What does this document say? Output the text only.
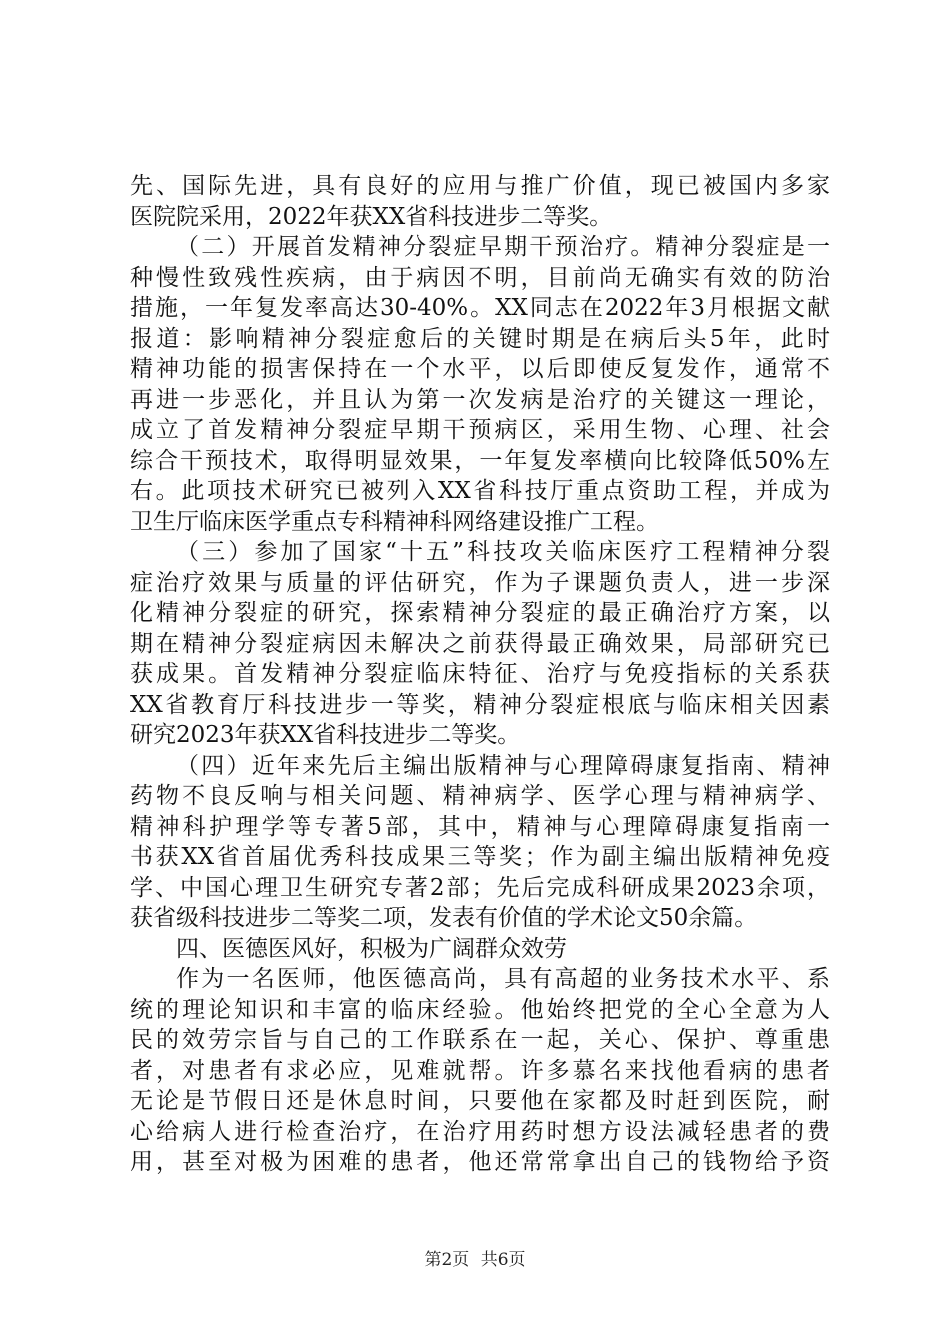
先、国际先进，具有良好的应用与推广价值，现已被国内多家
医院院采用，2022年获XX省科技进步二等奖。
（二）开展首发精神分裂症早期干预治疗。精神分裂症是一
种慢性致残性疾病，由于病因不明，目前尚无确实有效的防治
措施，一年复发率高达30-40%。XX同志在2022年3月根据文献
报道：影响精神分裂症愈后的关键时期是在病后头5年，此时
精神功能的损害保持在一个水平，以后即使反复发作，通常不
再进一步恶化，并且认为第一次发病是治疗的关键这一理论，
成立了首发精神分裂症早期干预病区，采用生物、心理、社会
综合干预技术，取得明显效果，一年复发率横向比较降低50%左
右。此项技术研究已被列入XX省科技厅重点资助工程，并成为
卫生厅临床医学重点专科精神科网络建设推广工程。
（三）参加了国家“十五”科技攻关临床医疗工程精神分裂
症治疗效果与质量的评估研究，作为子课题负责人，进一步深
化精神分裂症的研究，探索精神分裂症的最正确治疗方案，以
期在精神分裂症病因未解决之前获得最正确效果，局部研究已
获成果。首发精神分裂症临床特征、治疗与免疫指标的关系获
XX省教育厅科技进步一等奖，精神分裂症根底与临床相关因素
研究2023年获XX省科技进步二等奖。
（四）近年来先后主编出版精神与心理障碍康复指南、精神
药物不良反响与相关问题、精神病学、医学心理与精神病学、
精神科护理学等专著5部，其中，精神与心理障碍康复指南一
书获XX省首届优秀科技成果三等奖；作为副主编出版精神免疫
学、中国心理卫生研究专著2部；先后完成科研成果2023余项，
获省级科技进步二等奖二项，发表有价值的学术论文50余篇。
四、医德医风好，积极为广阔群众效劳
作为一名医师，他医德高尚，具有高超的业务技术水平、系
统的理论知识和丰富的临床经验。他始终把党的全心全意为人
民的效劳宗旨与自己的工作联系在一起，关心、保护、尊重患
者，对患者有求必应，见难就帮。许多慕名来找他看病的患者
无论是节假日还是休息时间，只要他在家都及时赶到医院，耐
心给病人进行检查治疗，在治疗用药时想方设法减轻患者的费
用，甚至对极为困难的患者，他还常常拿出自己的钱物给予资
第2页 共6页
